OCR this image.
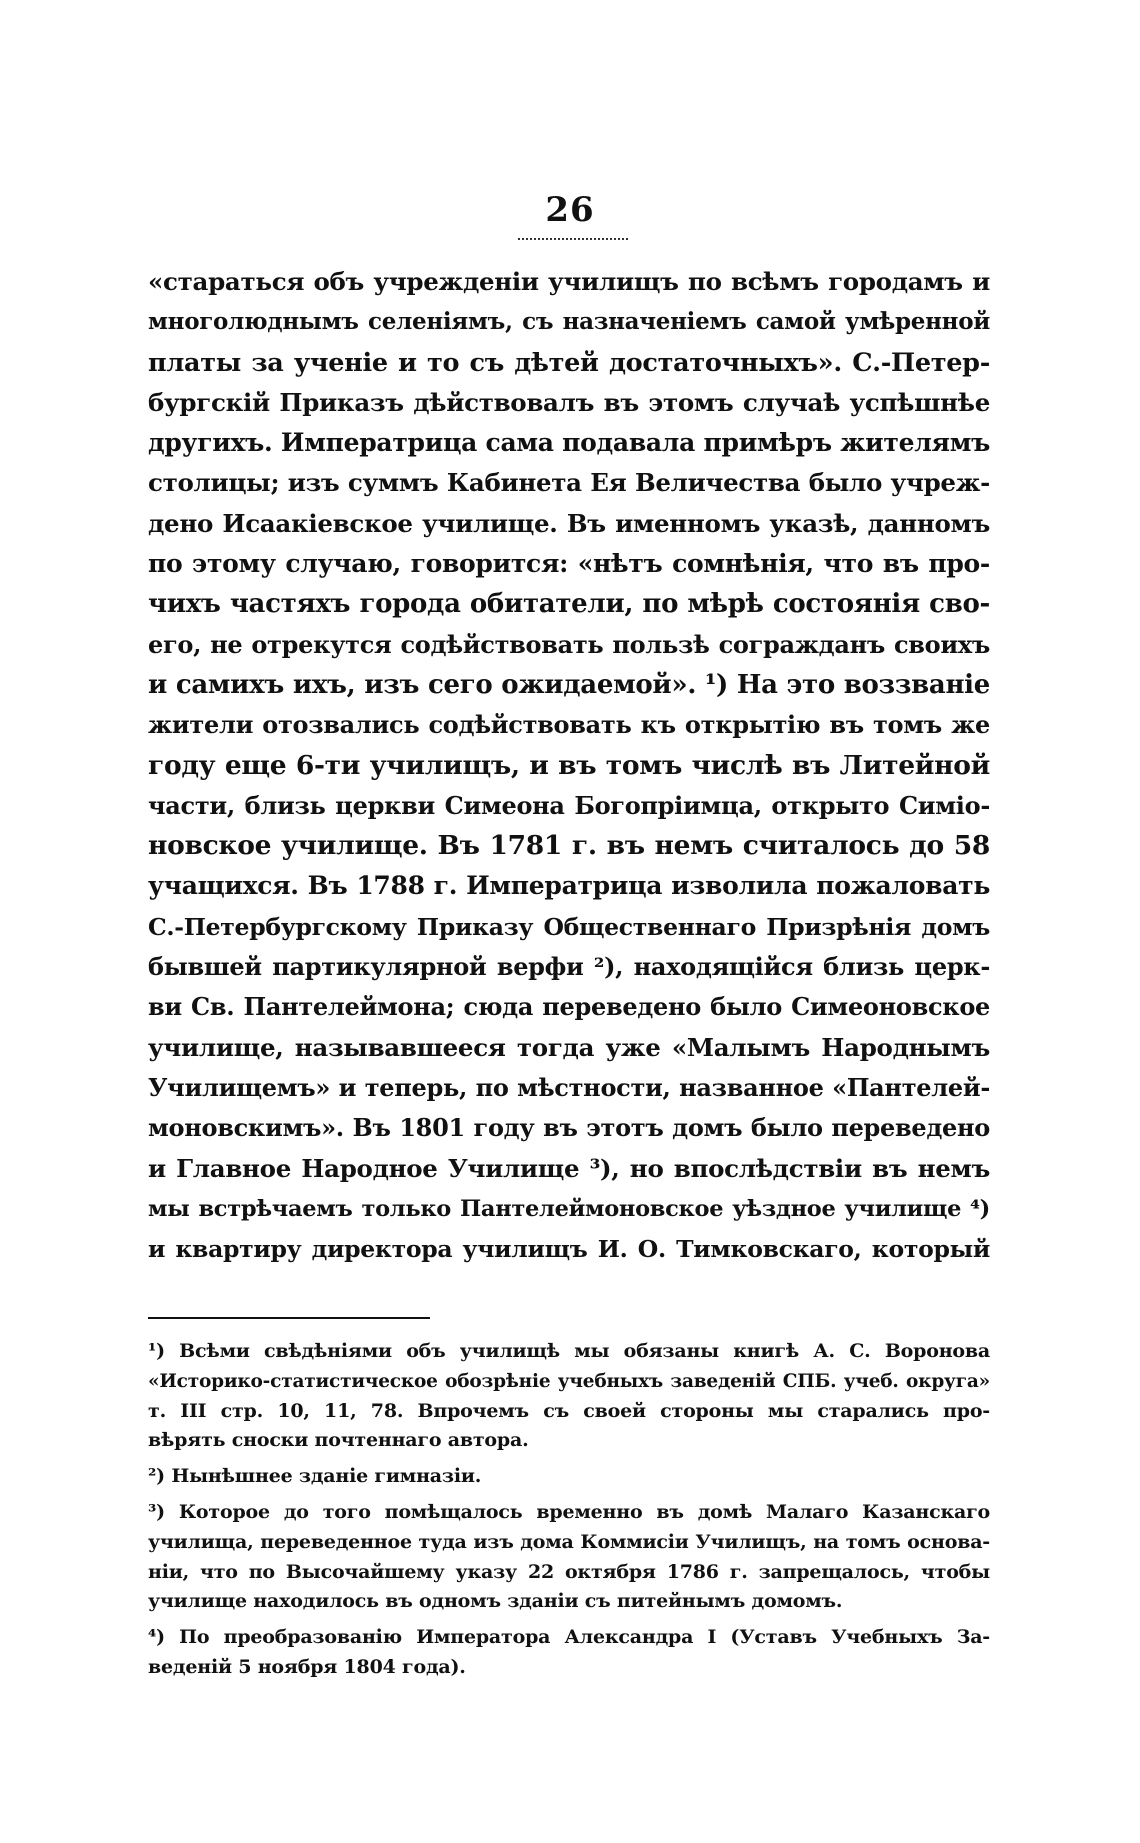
26
«стараться объ учрежденіи училищъ по всѣмъ городамъ и
многолюднымъ селеніямъ, съ назначеніемъ самой умѣренной
платы за ученіе и то съ дѣтей достаточныхъ». С.-Петер-
бургскій Приказъ дѣйствовалъ въ этомъ случаѣ успѣшнѣе
другихъ. Императрица сама подавала примѣръ жителямъ
столицы; изъ суммъ Кабинета Ея Величества было учреж-
дено Исаакіевское училище. Въ именномъ указѣ, данномъ
по этому случаю, говорится: «нѣтъ сомнѣнія, что въ про-
чихъ частяхъ города обитатели, по мѣрѣ состоянія сво-
его, не отрекутся содѣйствовать пользѣ согражданъ своихъ
и самихъ ихъ, изъ сего ожидаемой». ¹) На это воззваніе
жители отозвались содѣйствовать къ открытію въ томъ же
году еще 6-ти училищъ, и въ томъ числѣ въ Литейной
части, близь церкви Симеона Богопріимца, открыто Симіо-
новское училище. Въ 1781 г. въ немъ считалось до 58
учащихся. Въ 1788 г. Императрица изволила пожаловать
С.-Петербургскому Приказу Общественнаго Призрѣнія домъ
бывшей партикулярной верфи ²), находящійся близь церк-
ви Св. Пантелеймона; сюда переведено было Симеоновское
училище, называвшееся тогда уже «Малымъ Народнымъ
Училищемъ» и теперь, по мѣстности, названное «Пантелей-
моновскимъ». Въ 1801 году въ этотъ домъ было переведено
и Главное Народное Училище ³), но впослѣдствіи въ немъ
мы встрѣчаемъ только Пантелеймоновское уѣздное училище ⁴)
и квартиру директора училищъ И. О. Тимковскаго, который
¹) Всѣми свѣдѣніями объ училищѣ мы обязаны книгѣ А. С. Воронова
«Историко-статистическое обозрѣніе учебныхъ заведеній СПБ. учеб. округа»
т. III стр. 10, 11, 78. Впрочемъ съ своей стороны мы старались про-
вѣрять сноски почтеннаго автора.
²) Нынѣшнее зданіе гимназіи.
³) Которое до того помѣщалось временно въ домѣ Малаго Казанскаго
училища, переведенное туда изъ дома Коммисіи Училищъ, на томъ основа-
ніи, что по Высочайшему указу 22 октября 1786 г. запрещалось, чтобы
училище находилось въ одномъ зданіи съ питейнымъ домомъ.
⁴) По преобразованію Императора Александра I (Уставъ Учебныхъ За-
веденій 5 ноября 1804 года).
